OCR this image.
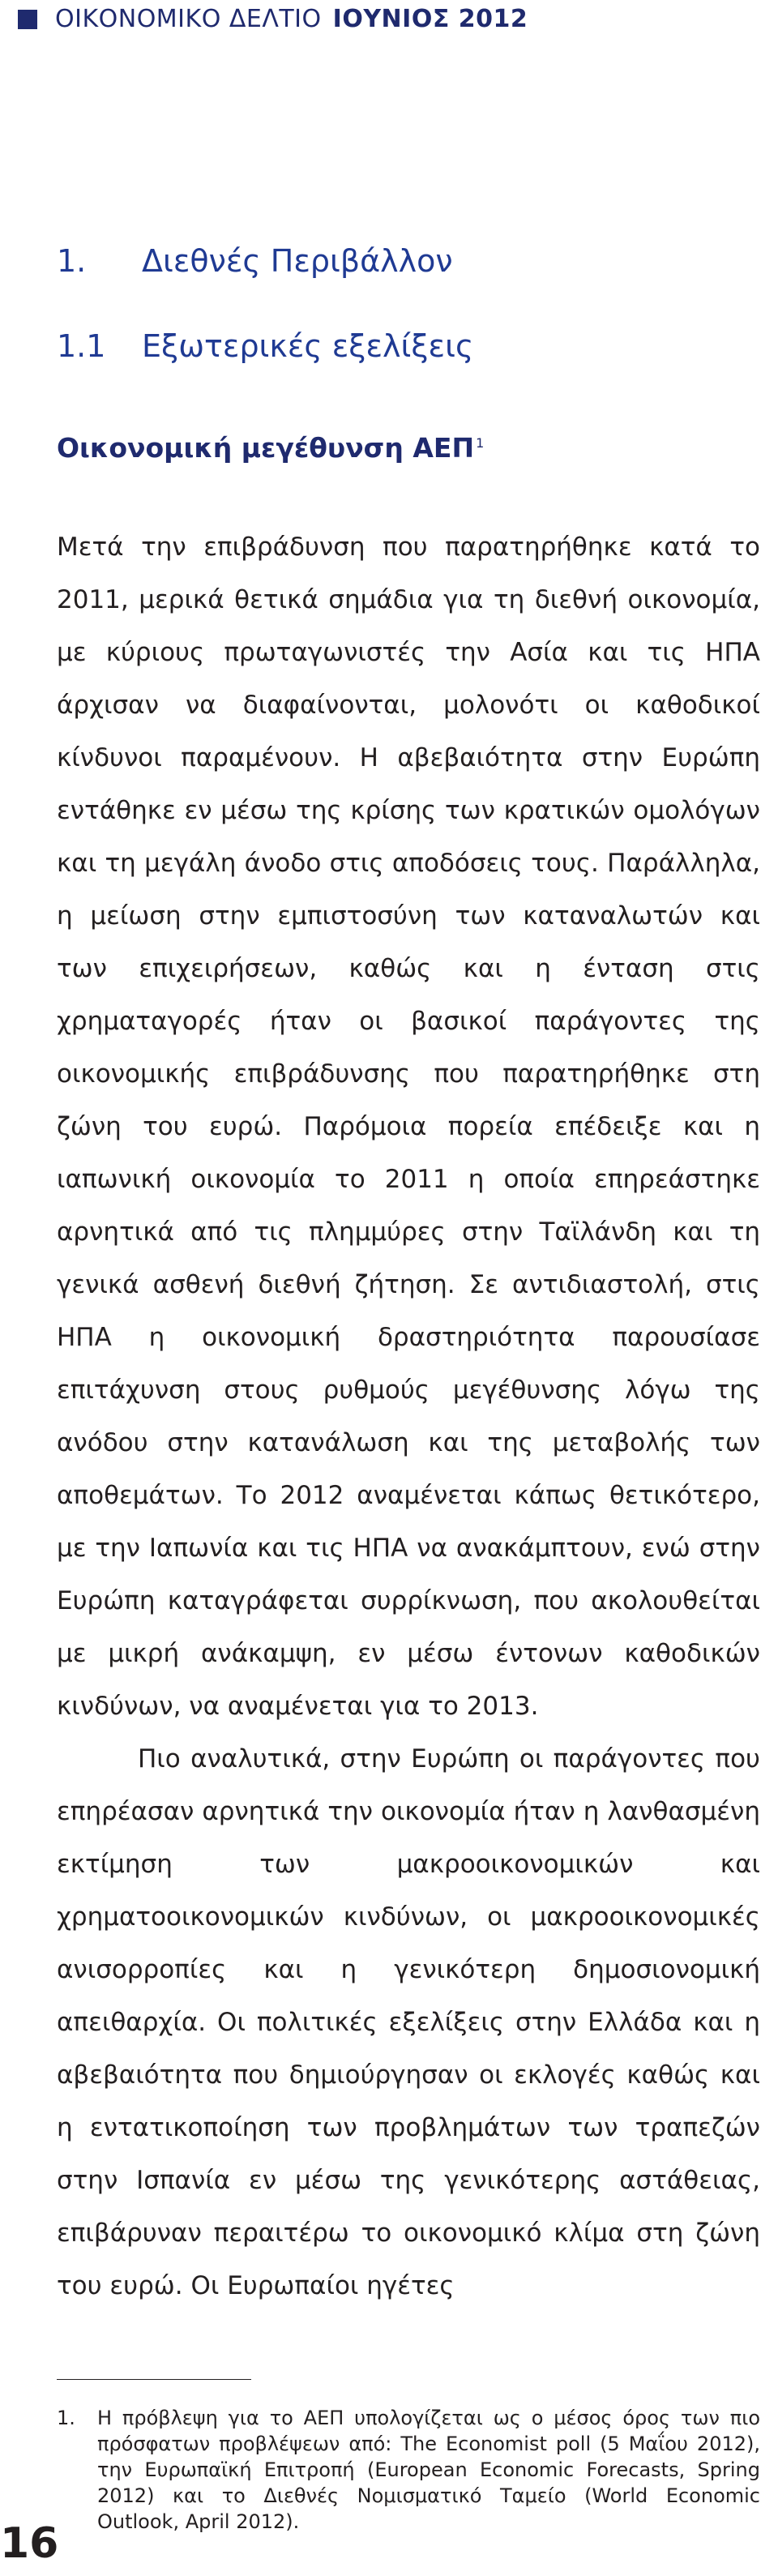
ΟΙΚΟΝΟΜΙΚΟ ΔΕΛΤΙΟ ΙΟΥΝΙΟΣ 2012
1. Διεθνές Περιβάλλον
1.1 Εξωτερικές εξελίξεις
Οικονομική μεγέθυνση ΑΕΠ $^1$

Μετά την επιβράδυνση που παρατηρήθηκε κατά το 2011, μερικά θετικά σημάδια για τη διεθνή οικονομία, με κύριους πρωταγωνιστές την Ασία και τις ΗΠΑ άρχισαν να διαφαίνονται, μολονότι οι καθοδικοί κίνδυνοι παραμένουν. Η αβεβαιότητα στην Ευρώπη εντάθηκε εν μέσω της κρίσης των κρατικών ομολόγων και τη μεγάλη άνοδο στις αποδόσεις τους. Παράλληλα, η μείωση στην εμπιστοσύνη των καταναλωτών και των επιχειρήσεων, καθώς και η ένταση στις χρηματαγορές ήταν οι βασικοί παράγοντες της οικονομικής επιβράδυνσης που παρατηρήθηκε στη ζώνη του ευρώ. Παρόμοια πορεία επέδειξε και η ιαπωνική οικονομία το 2011 η οποία επηρεάστηκε αρνητικά από τις πλημμύρες στην Ταϊλάνδη και τη γενικά ασθενή διεθνή ζήτηση. Σε αντιδιαστολή, στις ΗΠΑ η οικονομική δραστηριότητα παρουσίασε επιτάχυνση στους ρυθμούς μεγέθυνσης λόγω της ανόδου στην κατανάλωση και της μεταβολής των αποθεμάτων. Το 2012 αναμένεται κάπως θετικότερο, με την Ιαπωνία και τις ΗΠΑ να ανακάμπτουν, ενώ στην Ευρώπη καταγράφεται συρρίκνωση, που ακολουθείται με μικρή ανάκαμψη, εν μέσω έντονων καθοδικών κινδύνων, να αναμένεται για το 2013.

Πιο αναλυτικά, στην Ευρώπη οι παράγοντες που επηρέασαν αρνητικά την οικονομία ήταν η λανθασμένη εκτίμηση των μακροοικονομικών και χρηματοοικονομικών κινδύνων, οι μακροοικονομικές ανισορροπίες και η γενικότερη δημοσιονομική απειθαρχία. Οι πολιτικές εξελίξεις στην Ελλάδα και η αβεβαιότητα που δημιούργησαν οι εκλογές καθώς και η εντατικοποίηση των προβλημάτων των τραπεζών στην Ισπανία εν μέσω της γενικότερης αστάθειας, επιβάρυναν περαιτέρω το οικονομικό κλίμα στη ζώνη του ευρώ. Οι Ευρωπαίοι ηγέτες

1.	Η πρόβλεψη για το ΑΕΠ υπολογίζεται ως ο μέσος όρος των πιο πρόσφατων προβλέψεων από: The Economist poll (5 Μαΐου 2012), την Ευρωπαϊκή Επιτροπή (European Economic Forecasts, Spring 2012) και το Διεθνές Νομισματικό Ταμείο (World Economic Outlook, April 2012).
16
